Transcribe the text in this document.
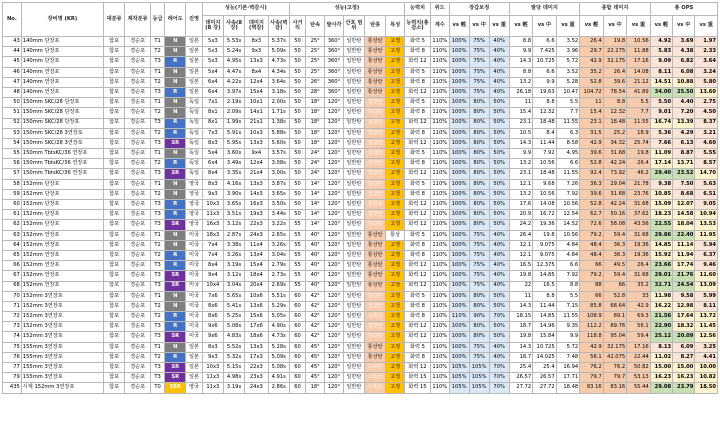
No.	장비명 (KR)	대분류	제작분류	등급	레어도	진영	성능(기본·벽감시)				성능(고정)						능력치	위드	장갑보정			발당 데미지			종합 데미지			총 OPS		
							데미지(8 강)	사속(8 강)	데미지(벽감)	사속(벽감)	사거리	탄속	발사각	산포 범위	탄종	특성	능력치(총감소)	계수	vs 輕	vs 中	vs 重	vs 輕	vs 中	vs 重	vs 輕	vs 中	vs 重	vs 輕	vs 中	vs 重
43	140mm 단장포	함포	경순포	T1	N	일본	5x3	5.53s	8x3	5.37s	50	25°	360°	일반탄	통상탄	고정	화력 5	110%	100%	75%	40%	8.8	6.6	3.52	26.4	19.8	10.56	4.92	3.69	1.97
44	140mm 단장포	함포	경순포	T2	N	일본	5x3	5.24s	9x3	5.09s	50	25°	360°	일반탄	통상탄	고정	화력 8	110%	100%	75%	40%	9.9	7.425	3.96	29.7	22.275	11.88	5.83	4.38	2.33
45	140mm 단장포	함포	경순포	T3	R	일본	5x3	4.95s	13x3	4.73s	50	25°	360°	일반탄	통상탄	고정	화력 12	110%	100%	75%	40%	14.3	10.725	5.72	42.9	32.175	17.16	9.09	6.82	3.64
46	140mm 연장포	함포	경순포	T1	N	일본	5x4	4.47s	8x4	4.34s	50	25°	360°	일반탄	통상탄	고정	화력 5	110%	100%	75%	40%	8.8	6.6	3.52	35.2	26.4	14.08	8.11	6.08	3.24
47	140mm 연장포	함포	경순포	T2	N	일본	6x4	4.22s	12x4	3.64s	50	26°	360°	일반탄	통상탄	고정	화력 8	110%	100%	75%	40%	13.2	9.9	5.28	52.8	39.6	21.12	14.51	10.88	5.80
48	140mm 연장포	함포	경순포	T3	R	일본	6x4	3.97s	15x4	3.18s	50	28°	360°	일반탄	통상탄	고정	화력 12	110%	100%	75%	40%	26.18	19.63	10.47	104.72	78.54	41.89	34.00	25.50	13.60
50	150mm SKC/28 단장포	함포	경순포	T1	N	독일	7x1	2.19s	10x1	2.00s	50	18°	120°	일반탄	철갑탄	고정	화력 5	110%	100%	80%	50%	11	8.8	5.5	11	8.8	5.5	5.50	4.40	2.75
51	150mm SKC/28 단장포	함포	경순포	T2	N	독일	8x1	2.09s	14x1	1.71s	50	18°	120°	일반탄	철갑탄	고정	화력 8	110%	100%	80%	50%	15.4	12.32	7.7	15.4	12.32	7.7	9.01	7.20	4.50
52	150mm SKC/28 단장포	함포	경순포	T3	R	독일	8x1	1.99s	21x1	1.38s	50	18°	120°	일반탄	철갑탄	고정	화력 12	110%	100%	80%	50%	23.1	18.48	11.55	23.1	18.48	11.55	16.74	13.39	8.37
53	150mm SKC/28 3연장포	함포	경순포	T2	R	독일	7x3	5.91s	10x3	5.88s	50	18°	120°	일반탄	철갑탄	고정	화력 8	110%	100%	80%	50%	10.5	8.4	6.3	31.5	25.2	18.9	5.36	4.29	3.21
54	150mm SKC/28 3연장포	함포	경순포	T3	SR	독일	8x3	5.95s	13x3	5.60s	50	18°	120°	일반탄	철갑탄	고정	화력 12	110%	100%	80%	50%	14.3	11.44	8.58	42.9	34.32	25.74	7.66	6.13	4.60
55	150mm TbtsKC/36 연장포	함포	경순포	T1	N	독일	5x4	3.60s	9x4	3.57s	50	24°	120°	일반탄	철갑탄	고정	화력 5	110%	100%	80%	50%	9.9	7.92	4.95	39.6	31.68	19.8	11.09	8.87	5.55
56	150mm TbtsKC/36 연장포	함포	경순포	T2	R	독일	6x4	3.49s	12x4	3.08s	50	24°	120°	일반탄	철갑탄	고정	화력 8	110%	100%	80%	50%	13.2	10.56	6.6	52.8	42.24	26.4	17.14	13.71	8.57
57	150mm TbtsKC/36 연장포	함포	경순포	T3	SR	독일	8x4	3.35s	21x4	3.00s	50	24°	120°	일반탄	철갑탄	고정	화력 12	110%	100%	80%	50%	23.1	18.48	11.55	92.4	73.92	46.2	29.40	23.52	14.70
58	152mm 단장포	함포	경순포	T1	N	영국	8x3	4.16s	13x3	3.87s	50	14°	120°	일반탄	철갑탄	고정	화력 5	110%	100%	80%	50%	12.1	9.68	7.26	36.3	29.04	21.78	9.38	7.50	5.63
59	152mm 단장포	함포	경순포	T2	N	영국	9x3	3.90s	14x3	3.65s	50	14°	120°	일반탄	철갑탄	고정	화력 8	110%	100%	80%	50%	13.2	10.56	7.92	39.6	31.68	23.76	10.85	8.68	6.51
60	152mm 단장포	함포	경순포	T3	R	영국	10x3	3.65s	16x3	3.50s	50	14°	120°	일반탄	철갑탄	고정	화력 12	110%	100%	80%	50%	17.6	14.08	10.56	52.8	42.24	31.68	15.09	12.07	9.05
61	152mm 단장포	함포	경순포	T3	R	영국	11x3	3.51s	19x3	3.44s	50	14°	120°	일반탄	철갑탄	고정	화력 12	110%	100%	80%	50%	20.9	16.72	12.54	62.7	50.16	37.62	18.23	14.58	10.94
62	152mm 단장포	함포	경순포	T3	SR	영국	16x3	3.12s	22x3	3.22s	55	14°	120°	일반탄	철갑탄	고정	화력 12	110%	100%	80%	50%	24.2	19.36	14.52	72.6	58.08	43.56	22.55	18.04	13.53
63	152mm 연장포	함포	경순포	T1	N	미국	18x3	2.87s	24x3	2.65s	55	40°	120°	일반탄	통상탄	통상	화력 5	110%	100%	75%	40%	26.4	19.8	10.56	79.2	59.4	31.68	29.86	22.40	11.95
64	152mm 연장포	함포	경순포	T2	N	미국	7x4	3.38s	11x4	3.26s	55	40°	120°	일반탄	통상탄	고정	화력 8	110%	100%	75%	40%	12.1	9.075	4.84	48.4	36.3	19.36	14.85	11.14	5.94
65	152mm 연장포	함포	경순포	T2	R	미국	7x4	3.26s	13x4	3.04s	55	40°	120°	일반탄	통상탄	고정	화력 8	110%	100%	75%	40%	12.1	9.075	4.84	48.4	36.3	19.36	15.92	11.94	6.37
66	152mm 연장포	함포	경순포	T3	R	미국	8x4	3.19s	15x4	2.79s	55	40°	120°	일반탄	통상탄	고정	화력 12	110%	100%	75%	40%	16.5	12.375	6.6	66	49.5	26.4	23.66	17.74	9.46
67	152mm 연장포	함포	경순포	T3	SR	미국	9x4	3.12s	18x4	2.73s	55	40°	120°	일반탄	통상탄	고정	화력 12	110%	100%	75%	40%	19.8	14.85	7.92	79.2	59.4	31.68	29.01	21.76	11.60
68	152mm 연장포	함포	경순포	T3	SR	미국	10x4	3.04s	20x4	2.69s	55	40°	120°	일반탄	통상탄	고정	화력 12	110%	100%	75%	40%	22	16.5	8.8	88	66	35.2	32.71	24.54	13.09
70	152mm 3연장포	함포	경순포	T1	N	미국	7x6	5.65s	10x6	5.51s	60	42°	120°	일반탄	철갑탄	고정	화력 5	110%	100%	80%	50%	11	8.8	5.5	66	52.8	33	11.98	9.58	5.99
71	152mm 3연장포	함포	경순포	T2	N	미국	8x6	5.41s	13x6	5.29s	60	42°	120°	일반탄	철갑탄	고정	화력 8	110%	100%	80%	50%	14.3	11.44	7.15	85.8	68.64	42.9	16.22	12.98	8.11
72	152mm 3연장포	함포	경순포	T2	R	미국	8x6	5.25s	15x6	5.05s	60	42°	120°	일반탄	고폭탄	고정	화력 8	110%	110%	90%	70%	18.15	14.85	11.55	108.9	89.1	69.3	21.56	17.64	13.72
73	152mm 3연장포	함포	경순포	T3	R	미국	9x6	5.08s	17x6	4.90s	60	42°	120°	일반탄	철갑탄	고정	화력 12	110%	100%	80%	50%	18.7	14.96	9.35	112.2	89.76	56.1	22.90	18.32	11.45
74	152mm 3연장포	함포	경순포	T3	SR	미국	9x6	4.83s	18x6	4.73s	60	42°	120°	일반탄	철갑탄	고정	화력 12	110%	100%	80%	50%	19.8	15.84	9.9	118.8	95.04	59.4	25.12	20.09	12.56
75	155mm 3연장포	함포	경순포	T1	N	일본	8x3	5.52s	13x3	5.28s	60	45°	120°	일반탄	통상탄	고정	화력 5	110%	100%	75%	40%	14.3	10.725	5.72	42.9	32.175	17.16	8.13	6.09	3.25
76	155mm 3연장포	함포	경순포	T2	R	일본	9x3	5.32s	17x3	5.09s	60	45°	120°	일반탄	통상탄	고정	화력 8	110%	100%	75%	40%	18.7	14.025	7.48	56.1	42.075	22.44	11.02	8.27	4.41
77	155mm 3연장포	함포	경순포	T3	SR	일본	10x3	5.15s	22x3	5.08s	60	45°	120°	일반탄	고폭탄	고정	화력 12	110%	105%	105%	70%	25.4	25.4	16.94	76.2	76.2	50.82	15.00	15.00	10.00
79	155mm 3연장포	함포	경순포	T3	SR	일본	11x3	4.98s	23x3	4.91s	60	45°	120°	일반탄	고폭탄	고정	화력 15	110%	105%	105%	70%	26.57	26.57	17.71	79.7	79.7	53.13	16.23	16.23	10.82
435	시제 152mm 3연장포	함포	경순포	T0	SSR	영국	11x3	3.19s	24x3	2.86s	60	18°	120°	일반탄	고폭탄	고정	화력 15	110%	105%	105%	70%	27.72	27.72	18.48	83.16	83.16	55.44	29.08	23.79	18.50
